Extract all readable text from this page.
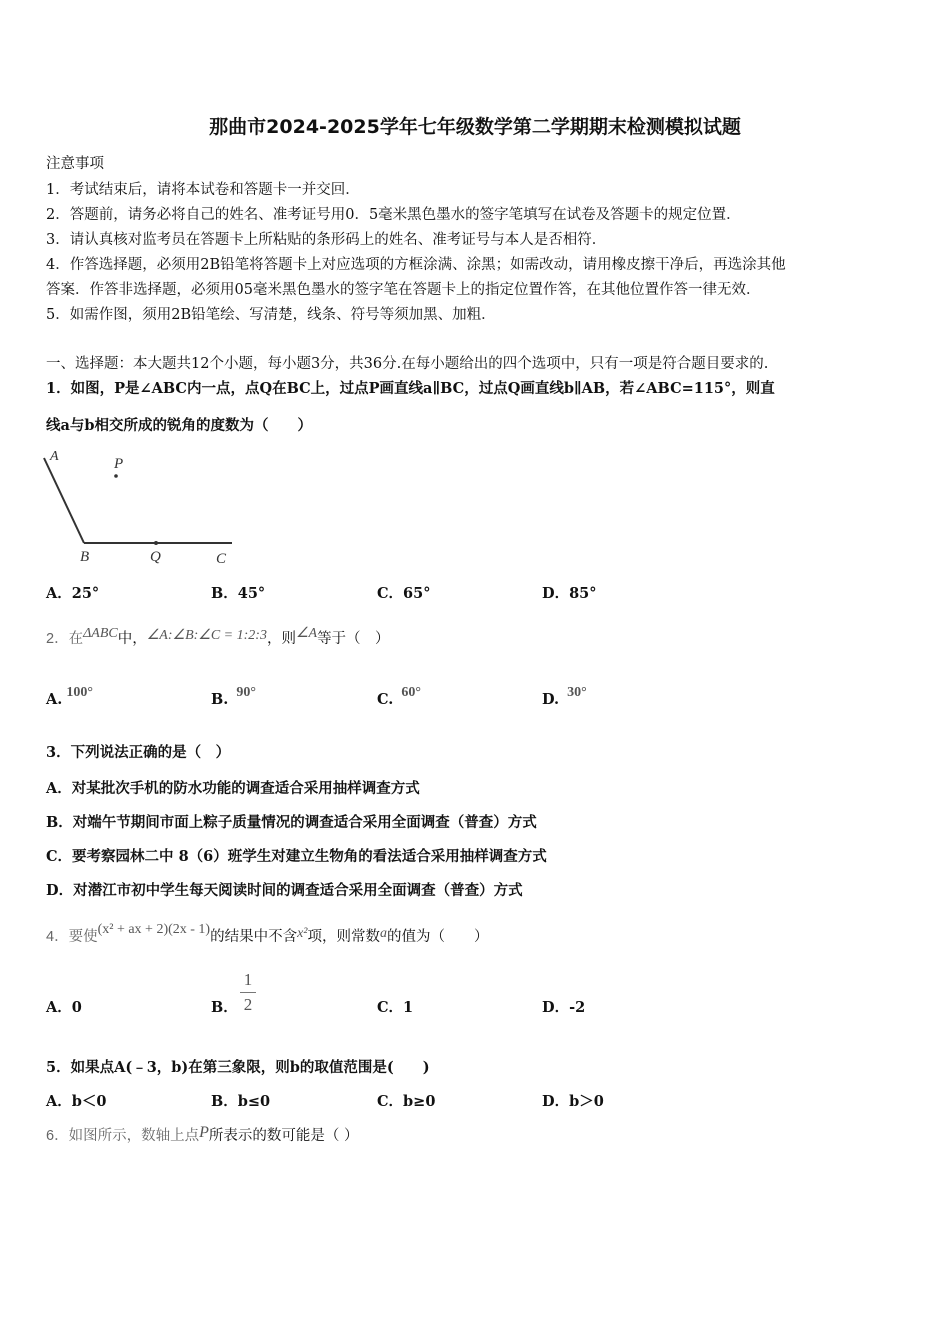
那曲市2024-2025学年七年级数学第二学期期末检测模拟试题
注意事项
1．考试结束后，请将本试卷和答题卡一并交回．
2．答题前，请务必将自己的姓名、准考证号用0．5毫米黑色墨水的签字笔填写在试卷及答题卡的规定位置．
3．请认真核对监考员在答题卡上所粘贴的条形码上的姓名、准考证号与本人是否相符．
4．作答选择题，必须用2B铅笔将答题卡上对应选项的方框涂满、涂黑；如需改动，请用橡皮擦干净后，再选涂其他
答案．作答非选择题，必须用05毫米黑色墨水的签字笔在答题卡上的指定位置作答，在其他位置作答一律无效．
5．如需作图，须用2B铅笔绘、写清楚，线条、符号等须加黑、加粗．
一、选择题：本大题共12个小题，每小题3分，共36分.在每小题给出的四个选项中，只有一项是符合题目要求的.
1．如图，P是∠ABC内一点，点Q在BC上，过点P画直线a∥BC，过点Q画直线b∥AB，若∠ABC=115°，则直
线a与b相交所成的锐角的度数为（　　）
A	P
B	Q	C
A．25°	B．45°	C．65°	D．85°
2．在ΔABC中，∠A:∠B:∠C = 1:2:3，则∠A等于（　）
A. 100°	B. 90°	C. 60°	D. 30°
3．下列说法正确的是（　）
A．对某批次手机的防水功能的调查适合采用抽样调查方式
B．对端午节期间市面上粽子质量情况的调查适合采用全面调查（普查）方式
C．要考察园林二中 8（6）班学生对建立生物角的看法适合采用抽样调查方式
D．对潜江市初中学生每天阅读时间的调查适合采用全面调查（普查）方式
4．要使(x² + ax + 2)(2x - 1)的结果中不含x²项，则常数a的值为（　　）
A．0	B．
1
2	C．1	D．-2
5．如果点A(﹣3，b)在第三象限，则b的取值范围是(　　)
A．b＜0	B．b≤0	C．b≥0	D．b＞0
6．如图所示，数轴上点P所表示的数可能是（ ）
